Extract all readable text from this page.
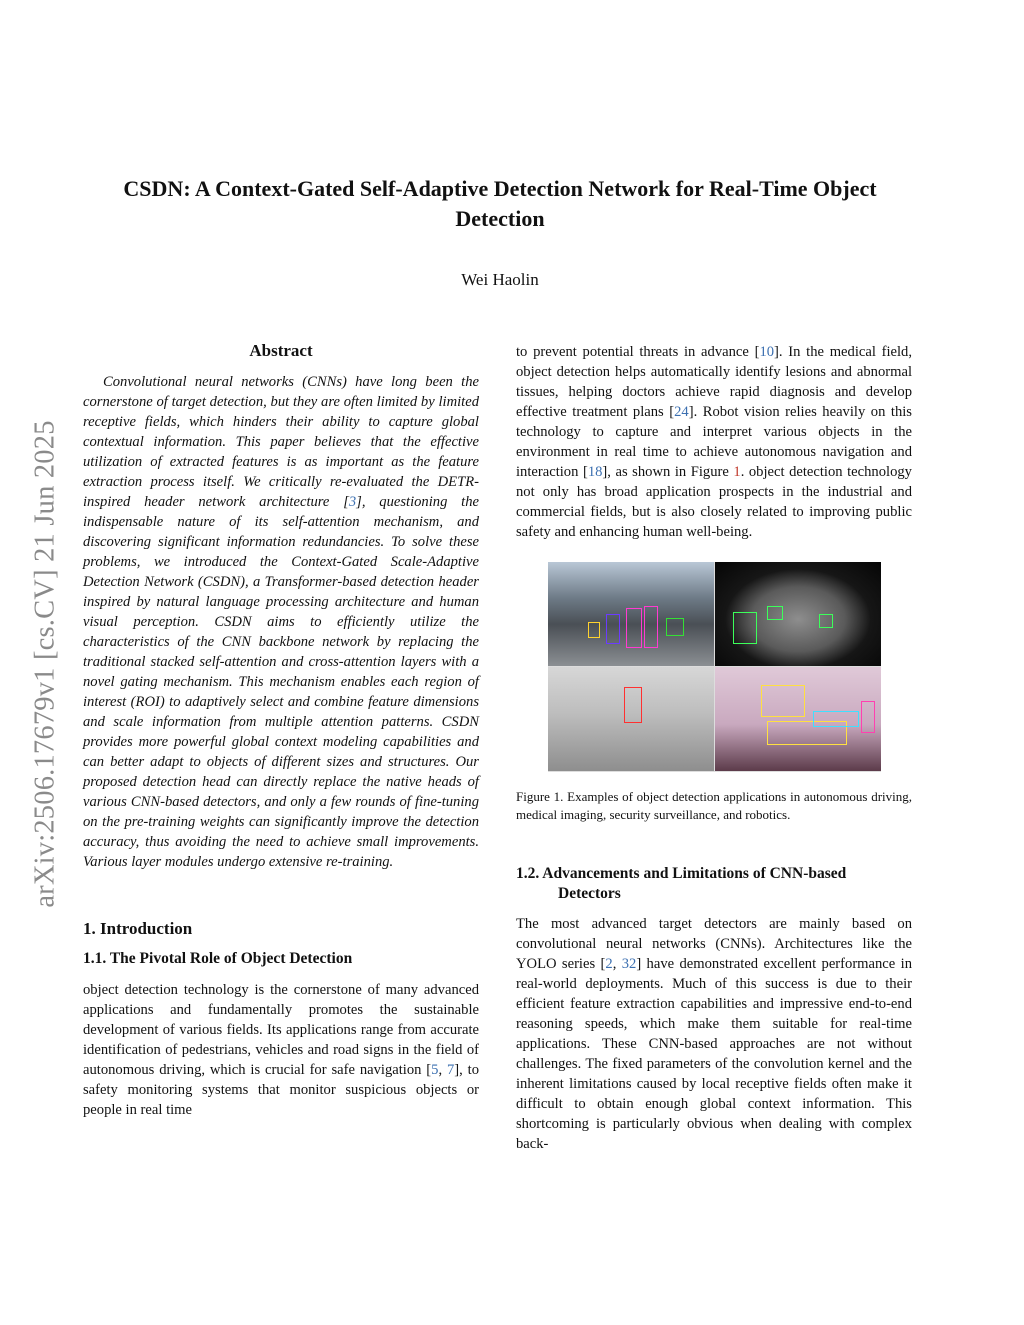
arXiv:2506.17679v1 [cs.CV] 21 Jun 2025
CSDN: A Context-Gated Self-Adaptive Detection Network for Real-Time Object Detection
Wei Haolin
Abstract

Convolutional neural networks (CNNs) have long been the cornerstone of target detection, but they are often limited by limited receptive fields, which hinders their ability to capture global contextual information. This paper believes that the effective utilization of extracted features is as important as the feature extraction process itself. We critically re-evaluated the DETR-inspired header network architecture [3], questioning the indispensable nature of its self-attention mechanism, and discovering significant information redundancies. To solve these problems, we introduced the Context-Gated Scale-Adaptive Detection Network (CSDN), a Transformer-based detection header inspired by natural language processing architecture and human visual perception. CSDN aims to efficiently utilize the characteristics of the CNN backbone network by replacing the traditional stacked self-attention and cross-attention layers with a novel gating mechanism. This mechanism enables each region of interest (ROI) to adaptively select and combine feature dimensions and scale information from multiple attention patterns. CSDN provides more powerful global context modeling capabilities and can better adapt to objects of different sizes and structures. Our proposed detection head can directly replace the native heads of various CNN-based detectors, and only a few rounds of fine-tuning on the pre-training weights can significantly improve the detection accuracy, thus avoiding the need to achieve small improvements. Various layer modules undergo extensive re-training.

1. Introduction
1.1. The Pivotal Role of Object Detection

object detection technology is the cornerstone of many advanced applications and fundamentally promotes the sustainable development of various fields. Its applications range from accurate identification of pedestrians, vehicles and road signs in the field of autonomous driving, which is crucial for safe navigation [5, 7], to safety monitoring systems that monitor suspicious objects or people in real time

to prevent potential threats in advance [10]. In the medical field, object detection helps automatically identify lesions and abnormal tissues, helping doctors achieve rapid diagnosis and develop effective treatment plans [24]. Robot vision relies heavily on this technology to capture and interpret various objects in the environment in real time to achieve autonomous navigation and interaction [18], as shown in Figure 1. object detection technology not only has broad application prospects in the industrial and commercial fields, but is also closely related to improving public safety and enhancing human well-being.

Figure 1. Examples of object detection applications in autonomous driving, medical imaging, security surveillance, and robotics.

1.2. Advancements and Limitations of CNN-based
Detectors

The most advanced target detectors are mainly based on convolutional neural networks (CNNs). Architectures like the YOLO series [2, 32] have demonstrated excellent performance in real-world deployments. Much of this success is due to their efficient feature extraction capabilities and impressive end-to-end reasoning speeds, which make them suitable for real-time applications. These CNN-based approaches are not without challenges. The fixed parameters of the convolution kernel and the inherent limitations caused by local receptive fields often make it difficult to obtain enough global context information. This shortcoming is particularly obvious when dealing with complex back-
